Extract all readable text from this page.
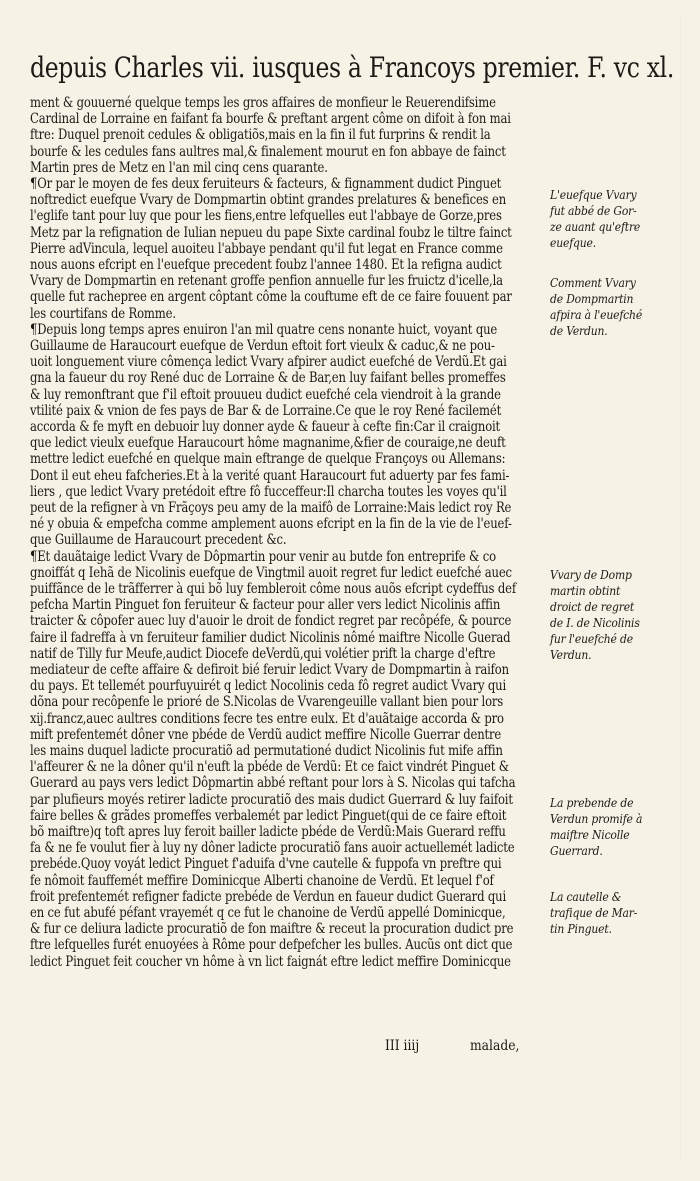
depuis Charles vii. iusques à Francoys premier. F. vc xl.
ment & gouuerné quelque temps les gros affaires de monfieur le Reuerendifsime
Cardinal de Lorraine en faifant fa bourfe & preftant argent côme on difoit à fon mai
ftre: Duquel prenoit cedules & obligatiõs,mais en la fin il fut furprins & rendit la
bourfe & les cedules fans aultres mal,& finalement mourut en fon abbaye de fainct
Martin pres de Metz en l'an mil cinq cens quarante.
¶Or par le moyen de fes deux feruiteurs & facteurs, & fignamment dudict Pinguet
noftredict euefque Vvary de Dompmartin obtint grandes prelatures & benefices en
l'eglife tant pour luy que pour les fiens,entre lefquelles eut l'abbaye de Gorze,pres
Metz par la refignation de Iulian nepueu du pape Sixte cardinal foubz le tiltre fainct
Pierre adVincula, lequel auoiteu l'abbaye pendant qu'il fut legat en France comme
nous auons efcript en l'euefque precedent foubz l'annee 1480. Et la refigna audict
Vvary de Dompmartin en retenant groffe penfion annuelle fur les fruictz d'icelle,la
quelle fut rachepree en argent côptant côme la couftume eft de ce faire fouuent par
les courtifans de Romme.
¶Depuis long temps apres enuiron l'an mil quatre cens nonante huict, voyant que
Guillaume de Haraucourt euefque de Verdun eftoit fort vieulx & caduc,& ne pou-
uoit longuement viure cômença ledict Vvary afpirer audict euefché de Verdũ.Et gai
gna la faueur du roy René duc de Lorraine & de Bar,en luy faifant belles promeffes
& luy remonftrant que f'il eftoit prouueu dudict euefché cela viendroit à la grande
vtilité paix & vnion de fes pays de Bar & de Lorraine.Ce que le roy René facilemét
accorda & fe myft en debuoir luy donner ayde & faueur à cefte fin:Car il craignoit
que ledict vieulx euefque Haraucourt hôme magnanime,&fier de couraige,ne deuft
mettre ledict euefché en quelque main eftrange de quelque Françoys ou Allemans:
Dont il eut eheu fafcheries.Et à la verité quant Haraucourt fut aduerty par fes fami-
liers , que ledict Vvary pretédoit eftre fô fucceffeur:Il charcha toutes les voyes qu'il
peut de la refigner à vn Frãçoys peu amy de la maifô de Lorraine:Mais ledict roy Re
né y obuia & empefcha comme amplement auons efcript en la fin de la vie de l'euef-
que Guillaume de Haraucourt precedent &c.
¶Et dauãtaige ledict Vvary de Dôpmartin pour venir au butde fon entreprife & co
gnoiffát q Iehã de Nicolinis euefque de Vingtmil auoit regret fur ledict euefché auec
puiffãnce de le trãfferrer à qui bõ luy fembleroit côme nous auõs efcript cydeffus def
pefcha Martin Pinguet fon feruiteur & facteur pour aller vers ledict Nicolinis affin
traicter & côpofer auec luy d'auoir le droit de fondict regret par recôpéfe, & pource
faire il fadreffa à vn feruiteur familier dudict Nicolinis nômé maiftre Nicolle Guerad
natif de Tilly fur Meufe,audict Diocefe deVerdũ,qui volétier prift la charge d'eftre
mediateur de cefte affaire & defiroit bié feruir ledict Vvary de Dompmartin à raifon
du pays. Et tellemét pourfuyuirét q ledict Nocolinis ceda fô regret audict Vvary qui
dõna pour recôpenfe le prioré de S.Nicolas de Vvarengeuille vallant bien pour lors
xij.francz,auec aultres conditions fecre tes entre eulx. Et d'auãtaige accorda & pro
mift prefentemét dôner vne pbéde de Verdũ audict meffire Nicolle Guerrar dentre
les mains duquel ladicte procuratiõ ad permutationé dudict Nicolinis fut mife affin
l'affeurer & ne la dôner qu'il n'euft la pbéde de Verdũ: Et ce faict vindrét Pinguet &
Guerard au pays vers ledict Dôpmartin abbé reftant pour lors à S. Nicolas qui tafcha
par plufieurs moyés retirer ladicte procuratiõ des mais dudict Guerrard & luy faifoit
faire belles & grãdes promeffes verbalemét par ledict Pinguet(qui de ce faire eftoit
bõ maiftre)q toft apres luy feroit bailler ladicte pbéde de Verdũ:Mais Guerard reffu
fa & ne fe voulut fier à luy ny dôner ladicte procuratiõ fans auoir actuellemét ladicte
prebéde.Quoy voyát ledict Pinguet f'aduifa d'vne cautelle & fuppofa vn preftre qui
fe nômoit fauffemét meffire Dominicque Alberti chanoine de Verdũ. Et lequel f'of
froit prefentemét refigner fadicte prebéde de Verdun en faueur dudict Guerard qui
en ce fut abufé péfant vrayemét q ce fut le chanoine de Verdũ appellé Dominicque,
& fur ce deliura ladicte procuratiõ de fon maiftre & receut la procuration dudict pre
ftre lefquelles furét enuoyées à Rôme pour defpefcher les bulles. Aucũs ont dict que
ledict Pinguet feit coucher vn hôme à vn lict faignát eftre ledict meffire Dominicque
L'euefque Vvary
fut abbé de Gor-
ze auant qu'eftre
euefque.
Comment Vvary
de Dompmartin
afpira à l'euefché
de Verdun.
Vvary de Domp
martin obtint
droict de regret
de I. de Nicolinis
fur l'euefché de
Verdun.
La prebende de
Verdun promife à
maiftre Nicolle
Guerrard.
La cautelle &
trafique de Mar-
tin Pinguet.
III iiij	malade,
